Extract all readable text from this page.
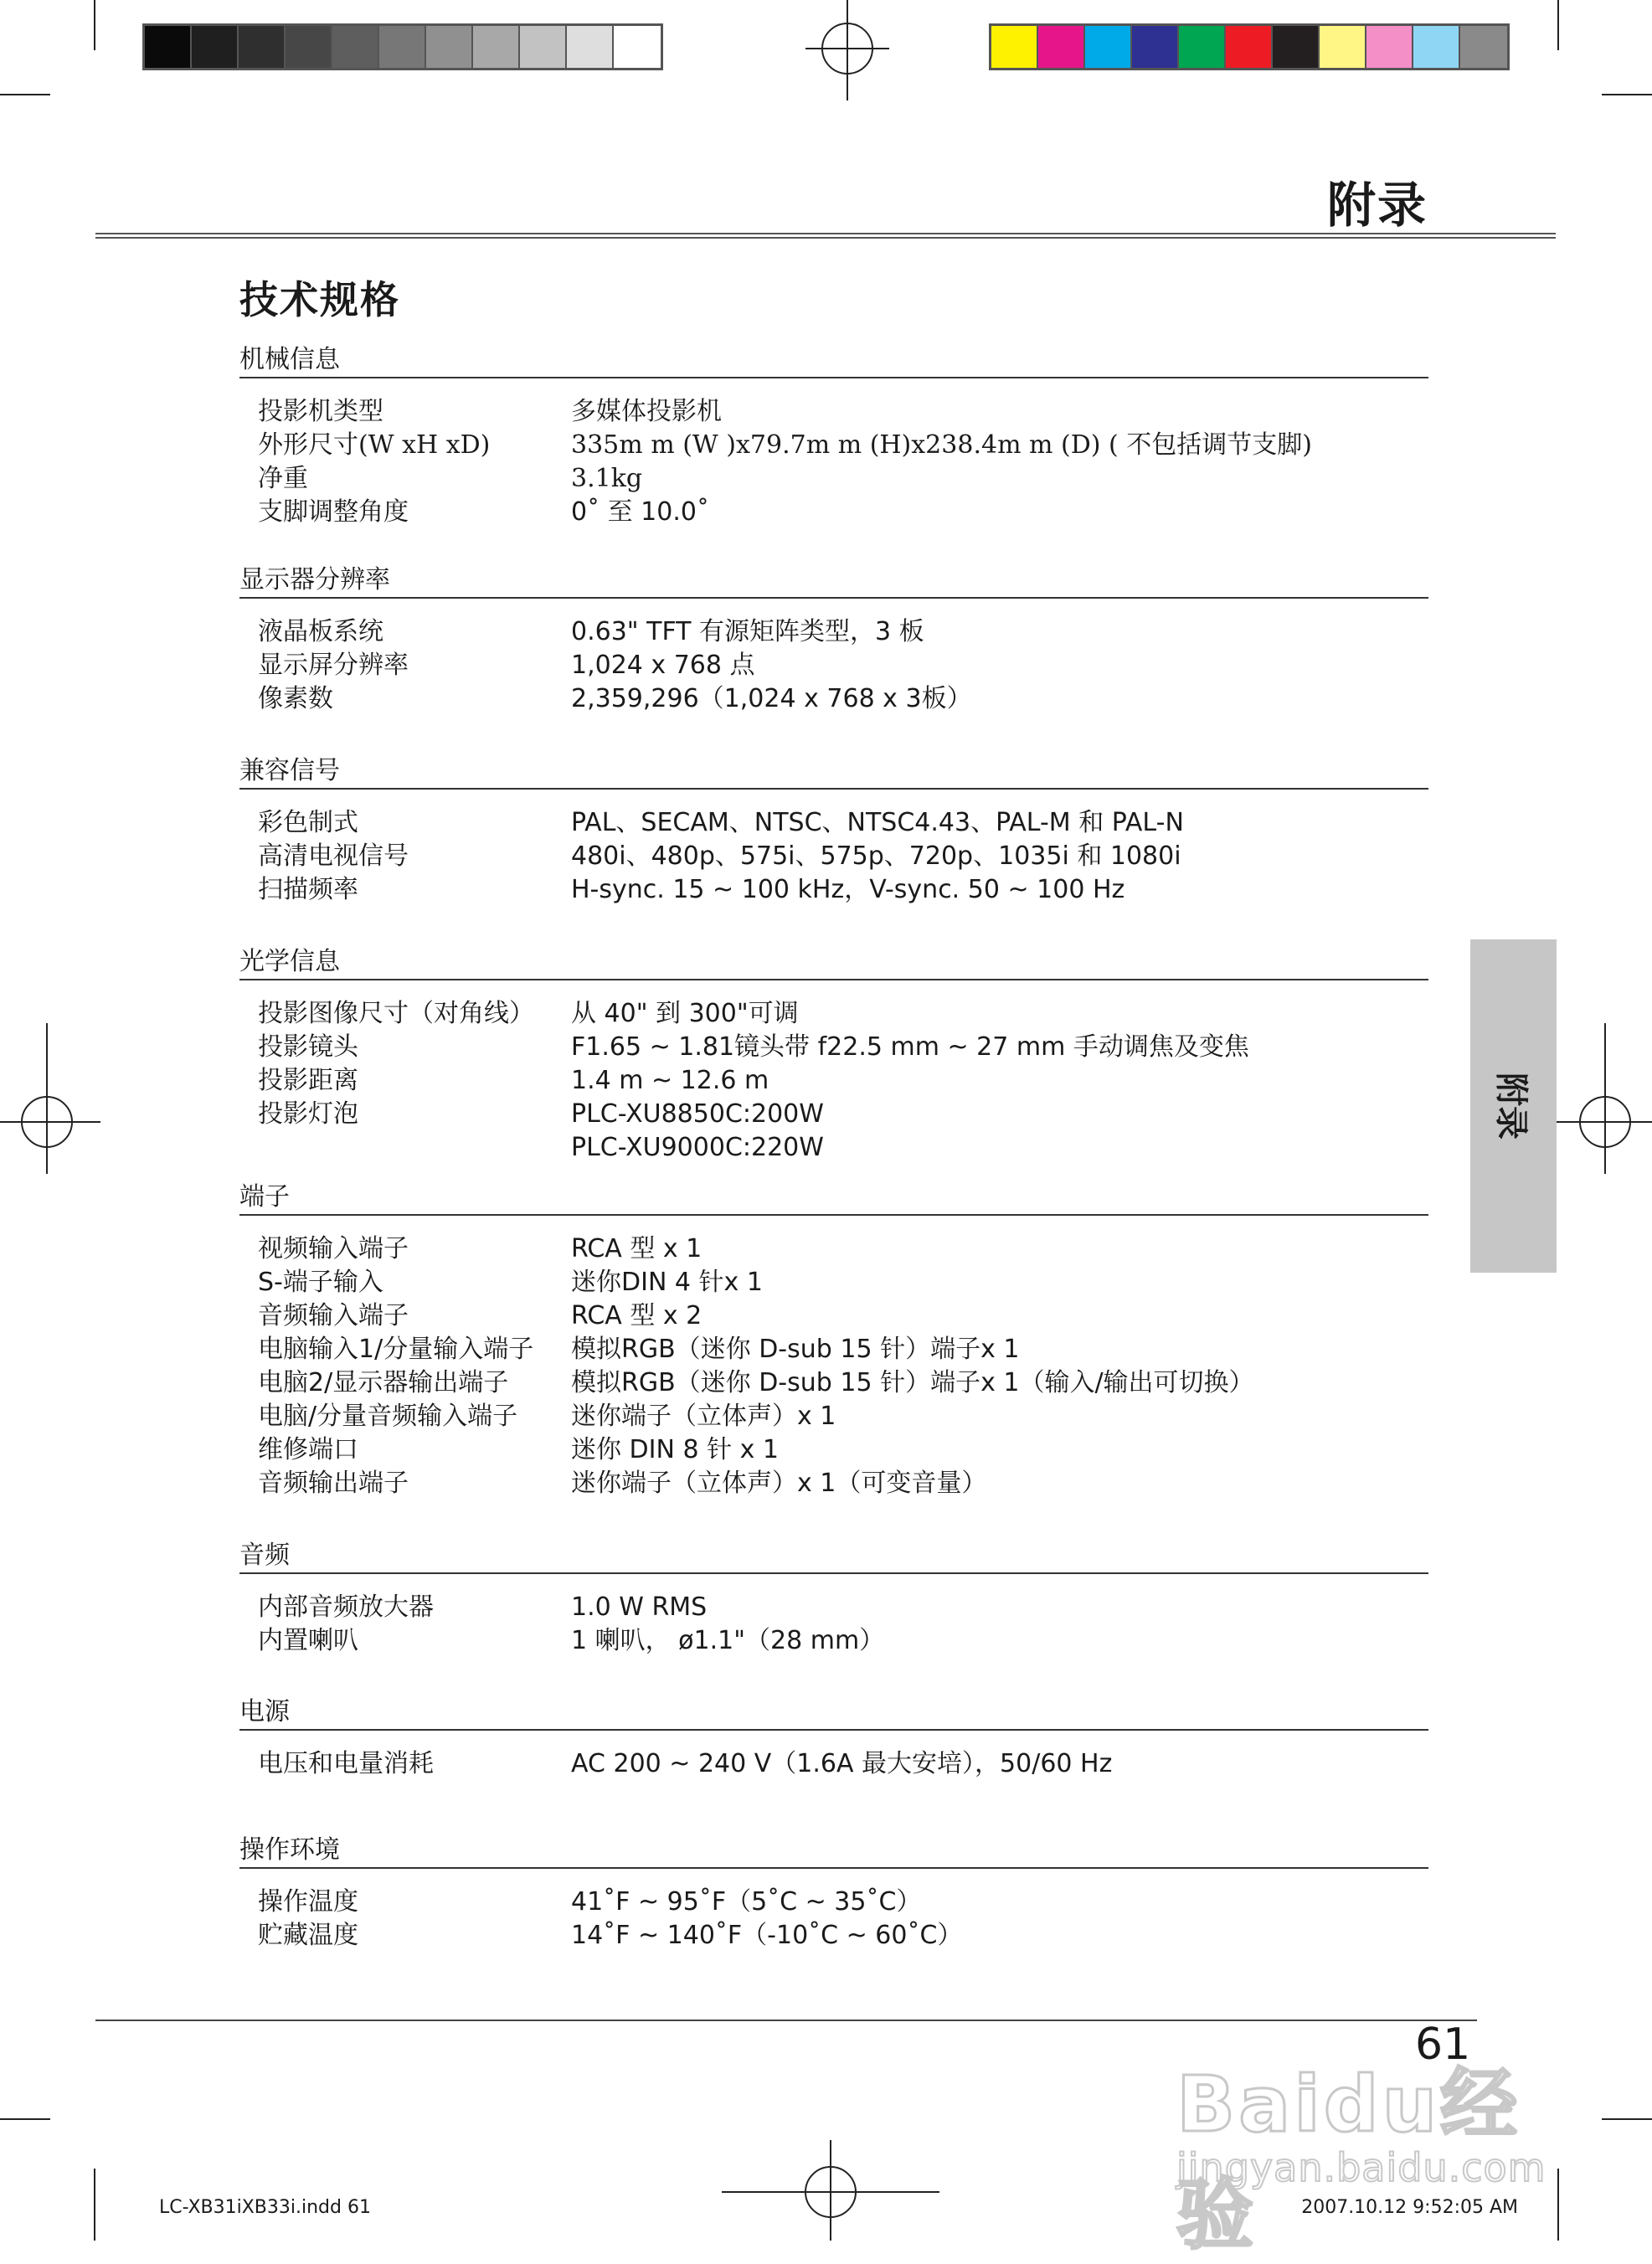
附录
技术规格
机械信息
投影机类型	多媒体投影机
外形尺寸(W xH xD)	335m m (W )x79.7m m (H)x238.4m m (D) ( 不包括调节支脚)
净重	3.1kg
支脚调整角度	0˚ 至 10.0˚
显示器分辨率
液晶板系统	0.63" TFT 有源矩阵类型，3 板
显示屏分辨率	1,024 x 768 点
像素数	2,359,296（1,024 x 768 x 3板）
兼容信号
彩色制式	PAL、SECAM、NTSC、NTSC4.43、PAL-M 和 PAL-N
高清电视信号	480i、480p、575i、575p、720p、1035i 和 1080i
扫描频率	H-sync. 15 ~ 100 kHz，V-sync. 50 ~ 100 Hz
光学信息
投影图像尺寸（对角线）	从 40" 到 300"可调
投影镜头	F1.65 ~ 1.81镜头带 f22.5 mm ~ 27 mm 手动调焦及变焦
投影距离	1.4 m ~ 12.6 m
投影灯泡	PLC-XU8850C:200W
PLC-XU9000C:220W
端子
视频输入端子	RCA 型 x 1
S-端子输入	迷你DIN 4 针x 1
音频输入端子	RCA 型 x 2
电脑输入1/分量输入端子	模拟RGB（迷你 D-sub 15 针）端子x 1
电脑2/显示器输出端子	模拟RGB（迷你 D-sub 15 针）端子x 1（输入/输出可切换）
电脑/分量音频输入端子	迷你端子（立体声）x 1
维修端口	迷你 DIN 8 针 x 1
音频输出端子	迷你端子（立体声）x 1（可变音量）
音频
内部音频放大器	1.0 W RMS
内置喇叭	1 喇叭， ø1.1"（28 mm）
电源
电压和电量消耗	AC 200 ~ 240 V（1.6A 最大安培），50/60 Hz
操作环境
操作温度	41˚F ~ 95˚F（5˚C ~ 35˚C）
贮藏温度	14˚F ~ 140˚F（-10˚C ~ 60˚C）
附录
61
LC-XB31iXB33i.indd 61	2007.10.12 9:52:05 AM
Baidu经验
jingyan.baidu.com
